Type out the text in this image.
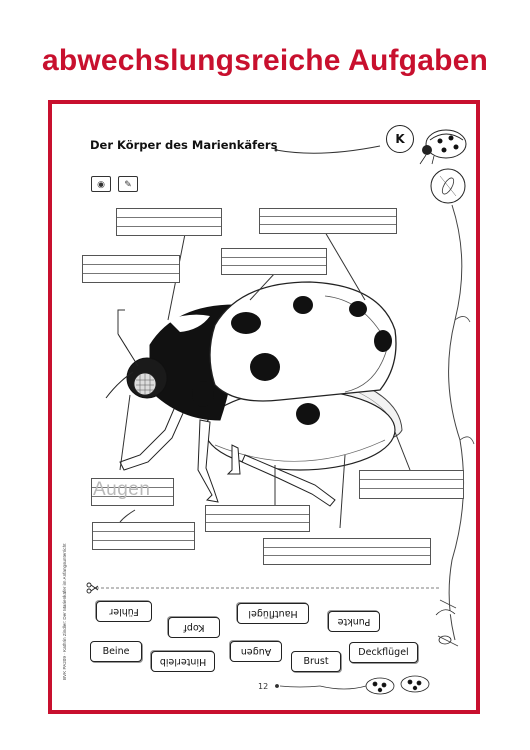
abwechslungsreiche Aufgaben
Der Körper des Marienkäfers	K
◉	✎
Augen
Fühler
Kopf
Hautflügel
Punkte
Beine
Hinterleib
Augen
Brust
Deckflügel
12
BVK PA209 · Kathrin Zindler: Der Marienkäfer im Anfangsunterricht
